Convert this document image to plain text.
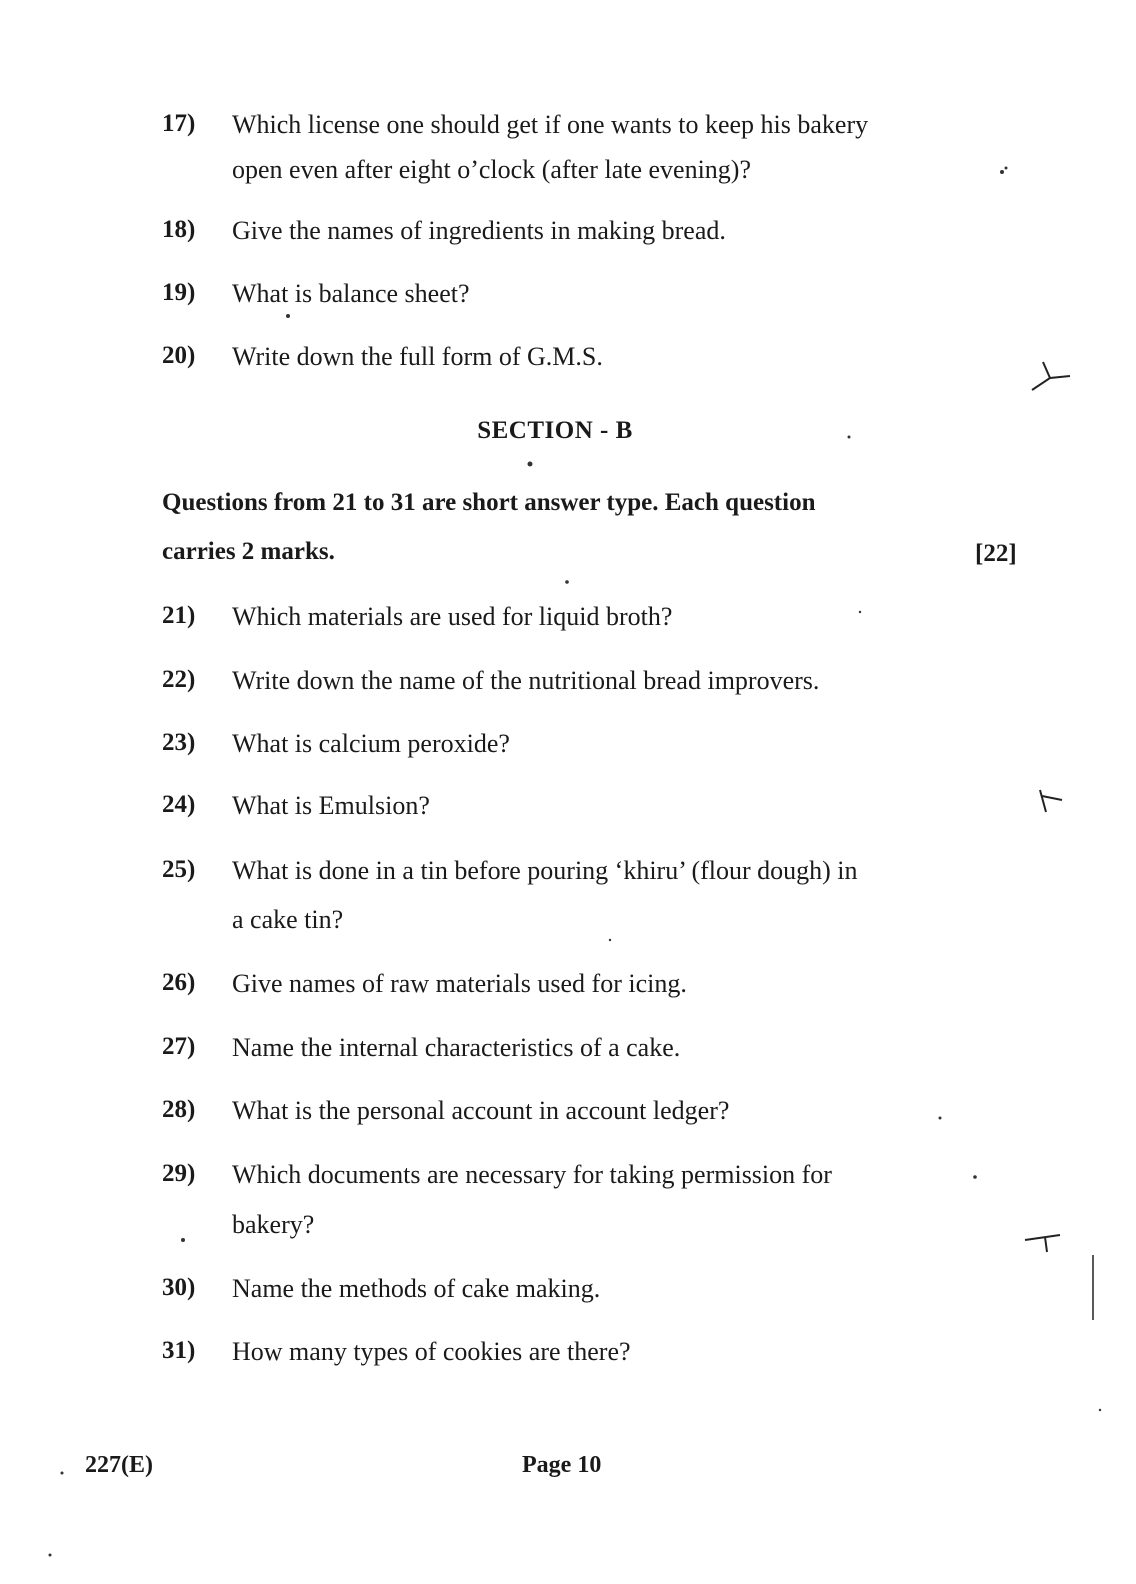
17) Which license one should get if one wants to keep his bakery
open even after eight o’clock (after late evening)?
18) Give the names of ingredients in making bread.
19) What is balance sheet?
20) Write down the full form of G.M.S.
SECTION - B
Questions from 21 to 31 are short answer type. Each question
carries 2 marks.	[22]
21) Which materials are used for liquid broth?
22) Write down the name of the nutritional bread improvers.
23) What is calcium peroxide?
24) What is Emulsion?
25) What is done in a tin before pouring ‘khiru’ (flour dough) in
a cake tin?
26) Give names of raw materials used for icing.
27) Name the internal characteristics of a cake.
28) What is the personal account in account ledger?
29) Which documents are necessary for taking permission for
bakery?
30) Name the methods of cake making.
31) How many types of cookies are there?
227(E)	Page 10
